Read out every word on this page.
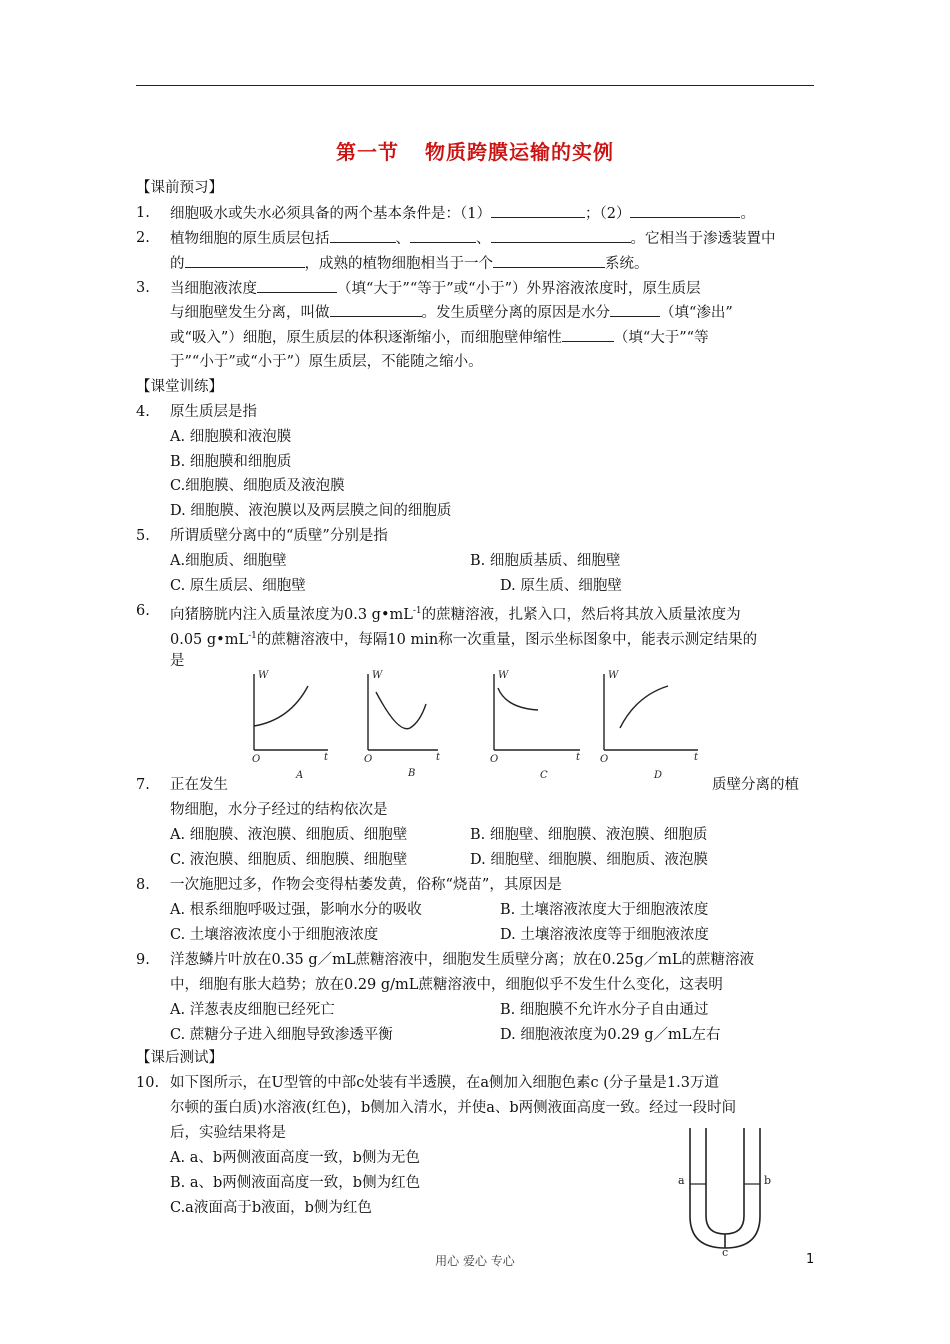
第一节 物质跨膜运输的实例
【课前预习】
1. 细胞吸水或失水必须具备的两个基本条件是：（1）	；（2）	。
2. 植物细胞的原生质层包括	、	、	。它相当于渗透装置中
的	，成熟的植物细胞相当于一个	系统。
3. 当细胞液浓度	（填“大于”“等于”或“小于”）外界溶液浓度时，原生质层
与细胞壁发生分离，叫做	。发生质壁分离的原因是水分	（填“渗出”
或“吸入”）细胞，原生质层的体积逐渐缩小，而细胞壁伸缩性	（填“大于”“等
于”“小于”或“小于”）原生质层，不能随之缩小。
【课堂训练】
4. 原生质层是指
A. 细胞膜和液泡膜
B. 细胞膜和细胞质
C.细胞膜、细胞质及液泡膜
D. 细胞膜、液泡膜以及两层膜之间的细胞质
5. 所谓质壁分离中的“质壁”分别是指
A.细胞质、细胞壁	B. 细胞质基质、细胞壁
C. 原生质层、细胞壁	D. 原生质、细胞壁
6. 向猪膀胱内注入质量浓度为0.3 $g•mL^{-1}$的蔗糖溶液，扎紧入口，然后将其放入质量浓度为
0.05 $g•mL^{-1}$的蔗糖溶液中，每隔10 min称一次重量，图示坐标图象中，能表示测定结果的
是
W
O	t
A
W
O	t
B
W
O	t
C
W
O	t
D
7. 正在发生	质壁分离的植
物细胞，水分子经过的结构依次是
A. 细胞膜、液泡膜、细胞质、细胞壁	B. 细胞壁、细胞膜、液泡膜、细胞质
C. 液泡膜、细胞质、细胞膜、细胞壁	D. 细胞壁、细胞膜、细胞质、液泡膜
8. 一次施肥过多，作物会变得枯萎发黄，俗称“烧苗”，其原因是
A. 根系细胞呼吸过强，影响水分的吸收	B. 土壤溶液浓度大于细胞液浓度
C. 土壤溶液浓度小于细胞液浓度	D. 土壤溶液浓度等于细胞液浓度
9. 洋葱鳞片叶放在0.35 g／mL蔗糖溶液中，细胞发生质壁分离；放在0.25g／mL的蔗糖溶液
中，细胞有胀大趋势；放在0.29 g/mL蔗糖溶液中，细胞似乎不发生什么变化，这表明
A. 洋葱表皮细胞已经死亡	B. 细胞膜不允许水分子自由通过
C. 蔗糖分子进入细胞导致渗透平衡	D. 细胞液浓度为0.29 g／mL左右
【课后测试】
10. 如下图所示，在U型管的中部c处装有半透膜，在a侧加入细胞色素c (分子量是1.3万道
尔顿的蛋白质)水溶液(红色)，b侧加入清水，并使a、b两侧液面高度一致。经过一段时间
后，实验结果将是
A. a、b两侧液面高度一致，b侧为无色
B. a、b两侧液面高度一致，b侧为红色
C.a液面高于b液面，b侧为红色
a	b
c
用心 爱心 专心	1
